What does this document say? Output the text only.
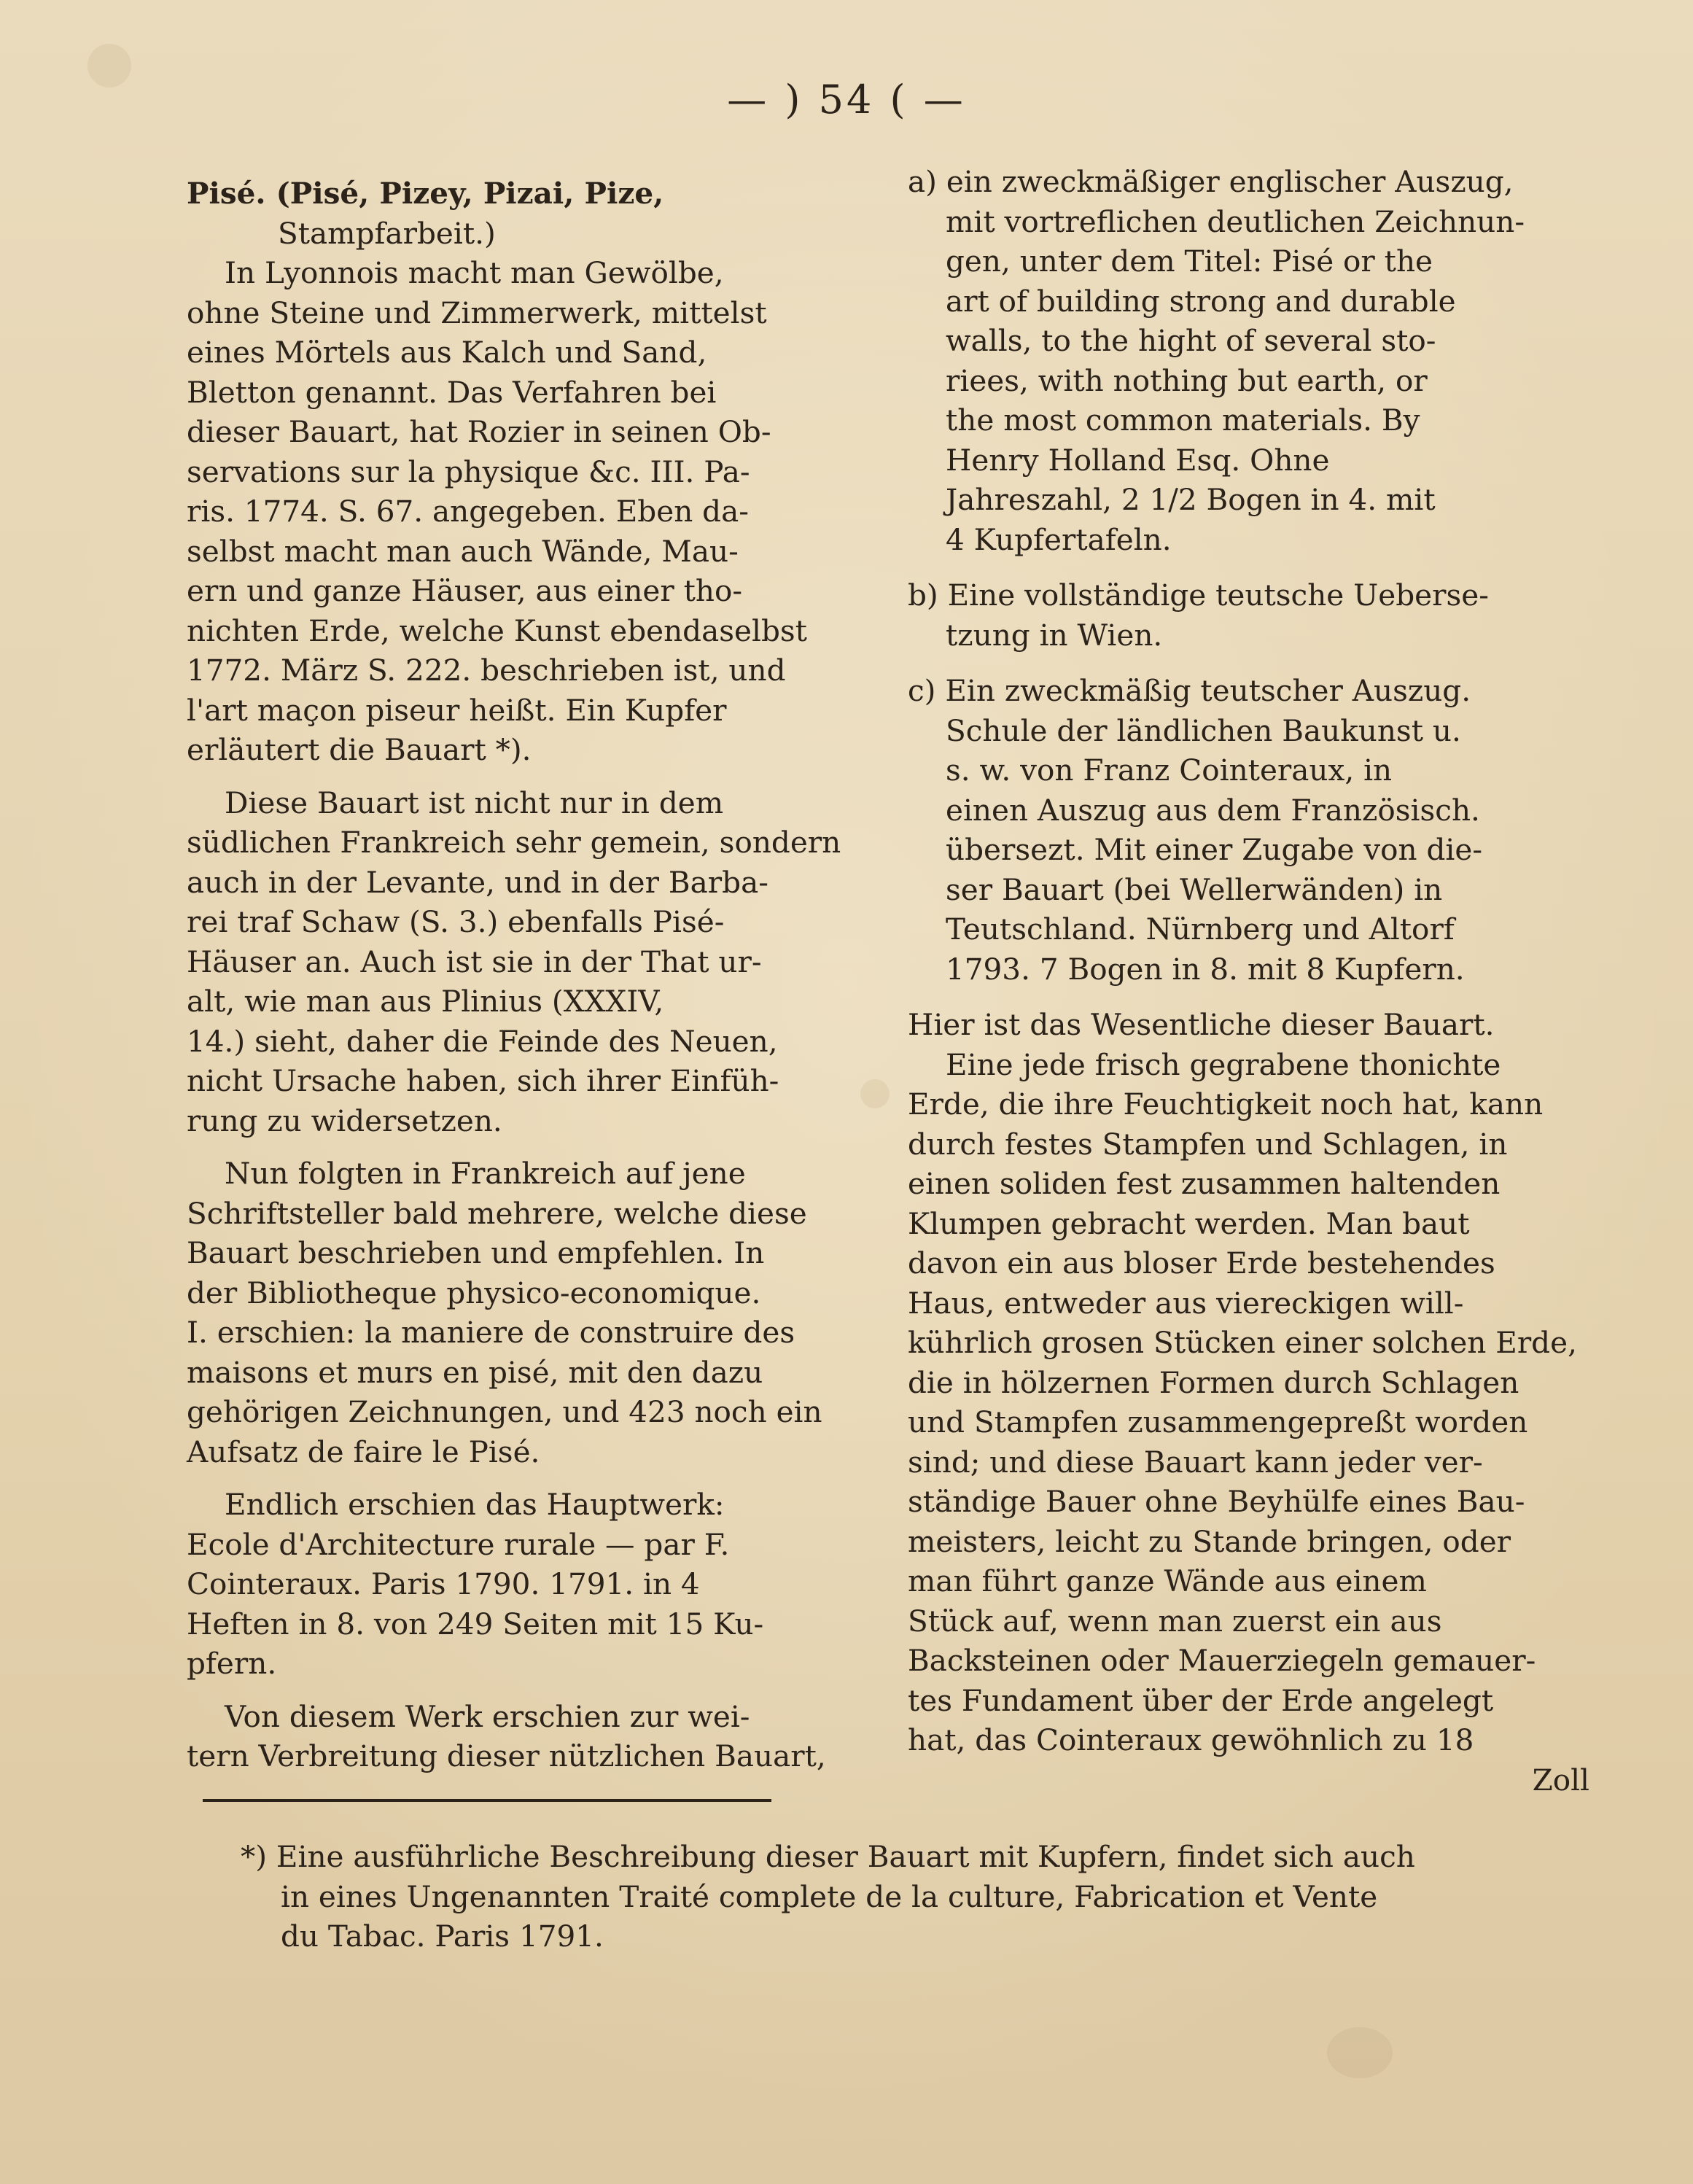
— ) 54 ( —
Pisé. (Pisé, Pizey, Pizai, Pize,
Stampfarbeit.)
In Lyonnois macht man Gewölbe,
ohne Steine und Zimmerwerk, mittelst
eines Mörtels aus Kalch und Sand,
Bletton genannt. Das Verfahren bei
dieser Bauart, hat Rozier in seinen Ob-
servations sur la physique &c. III. Pa-
ris. 1774. S. 67. angegeben. Eben da-
selbst macht man auch Wände, Mau-
ern und ganze Häuser, aus einer tho-
nichten Erde, welche Kunst ebendaselbst
1772. März S. 222. beschrieben ist, und
l'art maçon piseur heißt. Ein Kupfer
erläutert die Bauart *).
Diese Bauart ist nicht nur in dem
südlichen Frankreich sehr gemein, sondern
auch in der Levante, und in der Barba-
rei traf Schaw (S. 3.) ebenfalls Pisé-
Häuser an. Auch ist sie in der That ur-
alt, wie man aus Plinius (XXXIV,
14.) sieht, daher die Feinde des Neuen,
nicht Ursache haben, sich ihrer Einfüh-
rung zu widersetzen.
Nun folgten in Frankreich auf jene
Schriftsteller bald mehrere, welche diese
Bauart beschrieben und empfehlen. In
der Bibliotheque physico-economique.
I. erschien: la maniere de construire des
maisons et murs en pisé, mit den dazu
gehörigen Zeichnungen, und 423 noch ein
Aufsatz de faire le Pisé.
Endlich erschien das Hauptwerk:
Ecole d'Architecture rurale — par F.
Cointeraux. Paris 1790. 1791. in 4
Heften in 8. von 249 Seiten mit 15 Ku-
pfern.
Von diesem Werk erschien zur wei-
tern Verbreitung dieser nützlichen Bauart,
a) ein zweckmäßiger englischer Auszug,
mit vortreflichen deutlichen Zeichnun-
gen, unter dem Titel: Pisé or the
art of building strong and durable
walls, to the hight of several sto-
riees, with nothing but earth, or
the most common materials. By
Henry Holland Esq. Ohne
Jahreszahl, 2 1/2 Bogen in 4. mit
4 Kupfertafeln.
b) Eine vollständige teutsche Ueberse-
tzung in Wien.
c) Ein zweckmäßig teutscher Auszug.
Schule der ländlichen Baukunst u.
s. w. von Franz Cointeraux, in
einen Auszug aus dem Französisch.
übersezt. Mit einer Zugabe von die-
ser Bauart (bei Wellerwänden) in
Teutschland. Nürnberg und Altorf
1793. 7 Bogen in 8. mit 8 Kupfern.
Hier ist das Wesentliche dieser Bauart.
Eine jede frisch gegrabene thonichte
Erde, die ihre Feuchtigkeit noch hat, kann
durch festes Stampfen und Schlagen, in
einen soliden fest zusammen haltenden
Klumpen gebracht werden. Man baut
davon ein aus bloser Erde bestehendes
Haus, entweder aus viereckigen will-
kührlich grosen Stücken einer solchen Erde,
die in hölzernen Formen durch Schlagen
und Stampfen zusammengepreßt worden
sind; und diese Bauart kann jeder ver-
ständige Bauer ohne Beyhülfe eines Bau-
meisters, leicht zu Stande bringen, oder
man führt ganze Wände aus einem
Stück auf, wenn man zuerst ein aus
Backsteinen oder Mauerziegeln gemauer-
tes Fundament über der Erde angelegt
hat, das Cointeraux gewöhnlich zu 18
Zoll
*) Eine ausführliche Beschreibung dieser Bauart mit Kupfern, findet sich auch
in eines Ungenannten Traité complete de la culture, Fabrication et Vente
du Tabac. Paris 1791.
